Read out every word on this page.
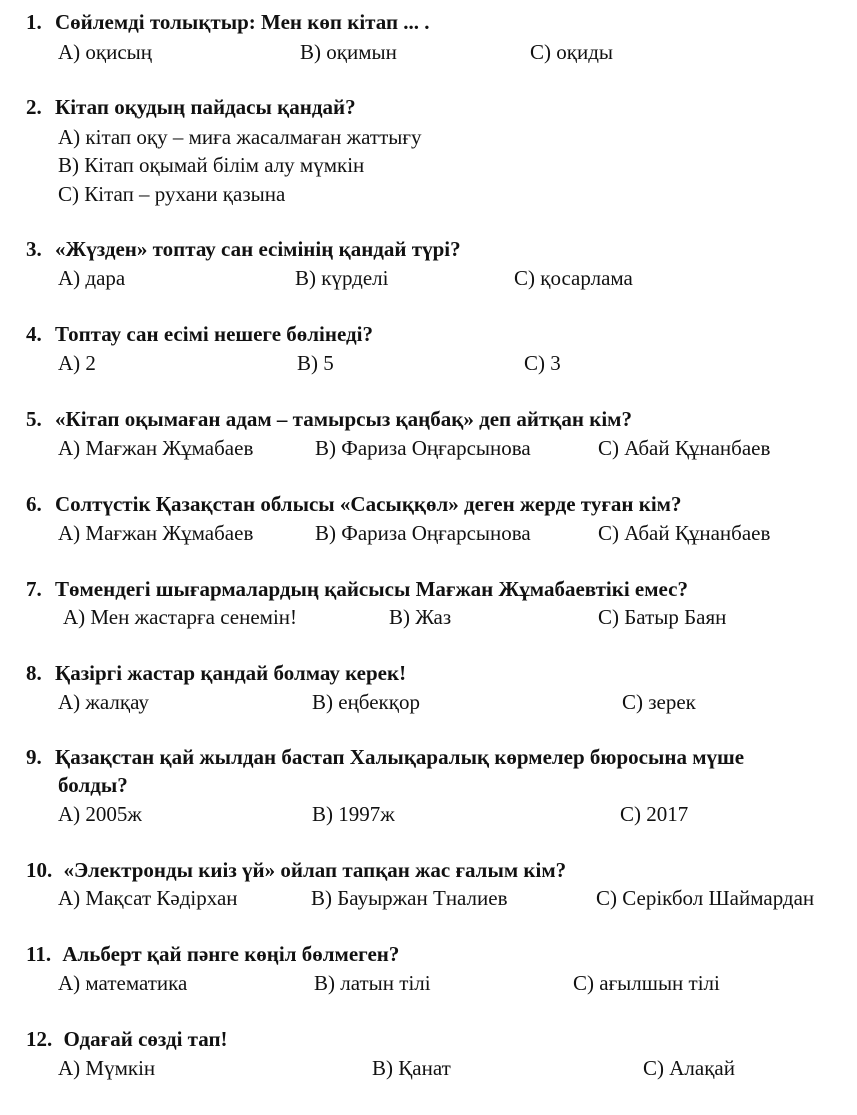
1. Сөйлемді толықтыр: Мен көп кітап ... .
А) оқисың	В) оқимын	С) оқиды
2. Кітап оқудың пайдасы қандай?
А) кітап оқу – миға жасалмаған жаттығу
В) Кітап оқымай білім алу мүмкін
С) Кітап – рухани қазына
3. «Жүзден» топтау сан есімінің қандай түрі?
А) дара	В) күрделі	С) қосарлама
4. Топтау сан есімі нешеге бөлінеді?
А) 2	В) 5	С) 3
5. «Кітап оқымаған адам – тамырсыз қаңбақ» деп айтқан кім?
А) Мағжан Жұмабаев	В) Фариза Оңғарсынова	С) Абай Құнанбаев
6. Солтүстік Қазақстан облысы «Сасыққөл» деген жерде туған кім?
А) Мағжан Жұмабаев	В) Фариза Оңғарсынова	С) Абай Құнанбаев
7. Төмендегі шығармалардың қайсысы Мағжан Жұмабаевтікі емес?
А) Мен жастарға сенемін!	В) Жаз	С) Батыр Баян
8. Қазіргі жастар қандай болмау керек!
А) жалқау	В) еңбекқор	С) зерек
9. Қазақстан қай жылдан бастап Халықаралық көрмелер бюросына мүше
болды?
А) 2005ж	В) 1997ж	С) 2017
10. «Электронды киіз үй» ойлап тапқан жас ғалым кім?
А) Мақсат Кәдірхан	В) Бауыржан Тналиев	С) Серікбол Шаймардан
11. Альберт қай пәнге көңіл бөлмеген?
А) математика	В) латын тілі	С) ағылшын тілі
12. Одағай сөзді тап!
А) Мүмкін	В) Қанат	С) Алақай
